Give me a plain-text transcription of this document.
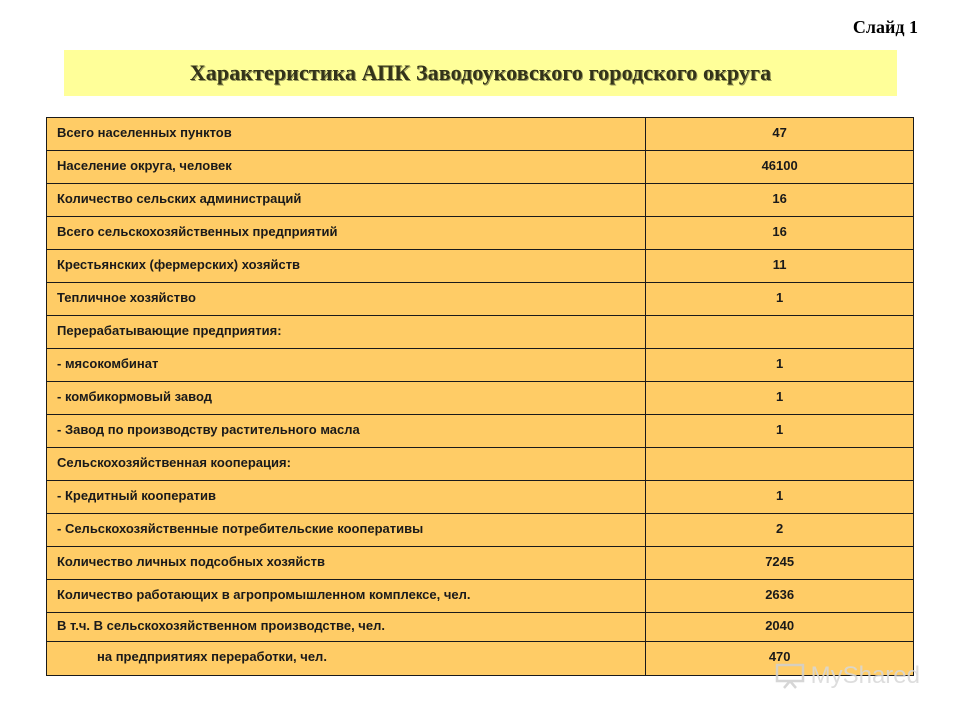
Слайд 1
Характеристика АПК Заводоуковского городского округа
Всего населенных пунктов	47
Население округа, человек	46100
Количество сельских администраций	16
Всего сельскохозяйственных предприятий	16
Крестьянских (фермерских) хозяйств	11
Тепличное хозяйство	1
Перерабатывающие предприятия:	
- мясокомбинат	1
- комбикормовый завод	1
- Завод по производству растительного масла	1
Сельскохозяйственная кооперация:	
- Кредитный кооператив	1
- Сельскохозяйственные потребительские кооперативы	2
Количество личных подсобных хозяйств	7245
Количество работающих в агропромышленном комплексе, чел.	2636
В т.ч. В сельскохозяйственном производстве, чел.	2040
на предприятиях переработки, чел.	470
MyShared
